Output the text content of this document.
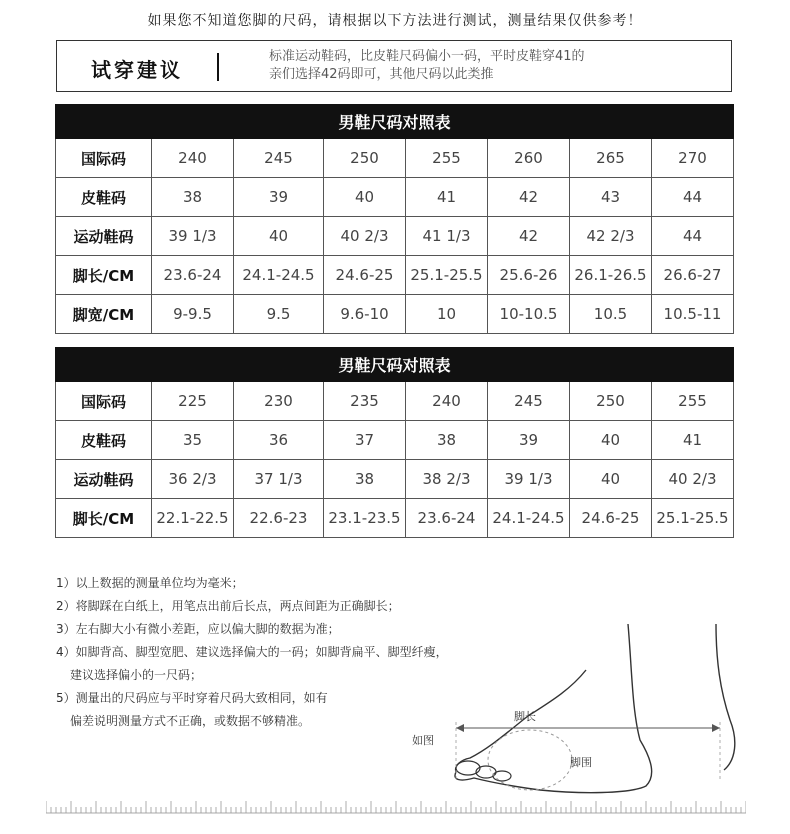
如果您不知道您脚的尺码，请根据以下方法进行测试，测量结果仅供参考！
试穿建议
标准运动鞋码，比皮鞋尺码偏小一码，平时皮鞋穿41的
亲们选择42码即可，其他尺码以此类推
男鞋尺码对照表							
国际码	240	245	250	255	260	265	270
皮鞋码	38	39	40	41	42	43	44
运动鞋码	39 1/3	40	40 2/3	41 1/3	42	42 2/3	44
脚长/CM	23.6-24	24.1-24.5	24.6-25	25.1-25.5	25.6-26	26.1-26.5	26.6-27
脚宽/CM	9-9.5	9.5	9.6-10	10	10-10.5	10.5	10.5-11
男鞋尺码对照表							
国际码	225	230	235	240	245	250	255
皮鞋码	35	36	37	38	39	40	41
运动鞋码	36 2/3	37 1/3	38	38 2/3	39 1/3	40	40 2/3
脚长/CM	22.1-22.5	22.6-23	23.1-23.5	23.6-24	24.1-24.5	24.6-25	25.1-25.5
1）以上数据的测量单位均为毫米；
2）将脚踩在白纸上，用笔点出前后长点，两点间距为正确脚长；
3）左右脚大小有微小差距，应以偏大脚的数据为准；
4）如脚背高、脚型宽肥、建议选择偏大的一码；如脚背扁平、脚型纤瘦，
建议选择偏小的一尺码；
5）测量出的尺码应与平时穿着尺码大致相同，如有
偏差说明测量方式不正确，或数据不够精准。	脚长
如图
脚围
